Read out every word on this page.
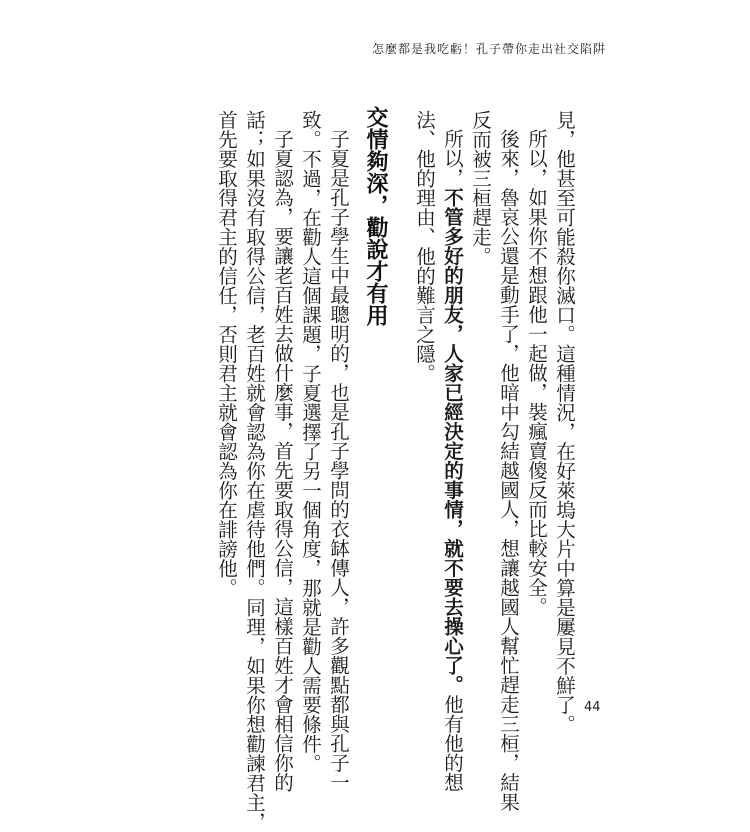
怎麼都是我吃虧！孔子帶你走出社交陷阱
見，他甚至可能殺你滅口。這種情況，在好萊塢大片中算是屢見不鮮了。
所以，如果你不想跟他一起做，裝瘋賣傻反而比較安全。
後來，魯哀公還是動手了，他暗中勾結越國人，想讓越國人幫忙趕走三桓，結果
反而被三桓趕走。
所以，不管多好的朋友，人家已經決定的事情，就不要去操心了。他有他的想
法、他的理由、他的難言之隱。
交情夠深，勸說才有用
子夏是孔子學生中最聰明的，也是孔子學問的衣缽傳人，許多觀點都與孔子一
致。不過，在勸人這個課題，子夏選擇了另一個角度，那就是勸人需要條件。
子夏認為，要讓老百姓去做什麼事，首先要取得公信，這樣百姓才會相信你的
話；如果沒有取得公信，老百姓就會認為你在虐待他們。同理，如果你想勸諫君主，
首先要取得君主的信任，否則君主就會認為你在誹謗他。
44
